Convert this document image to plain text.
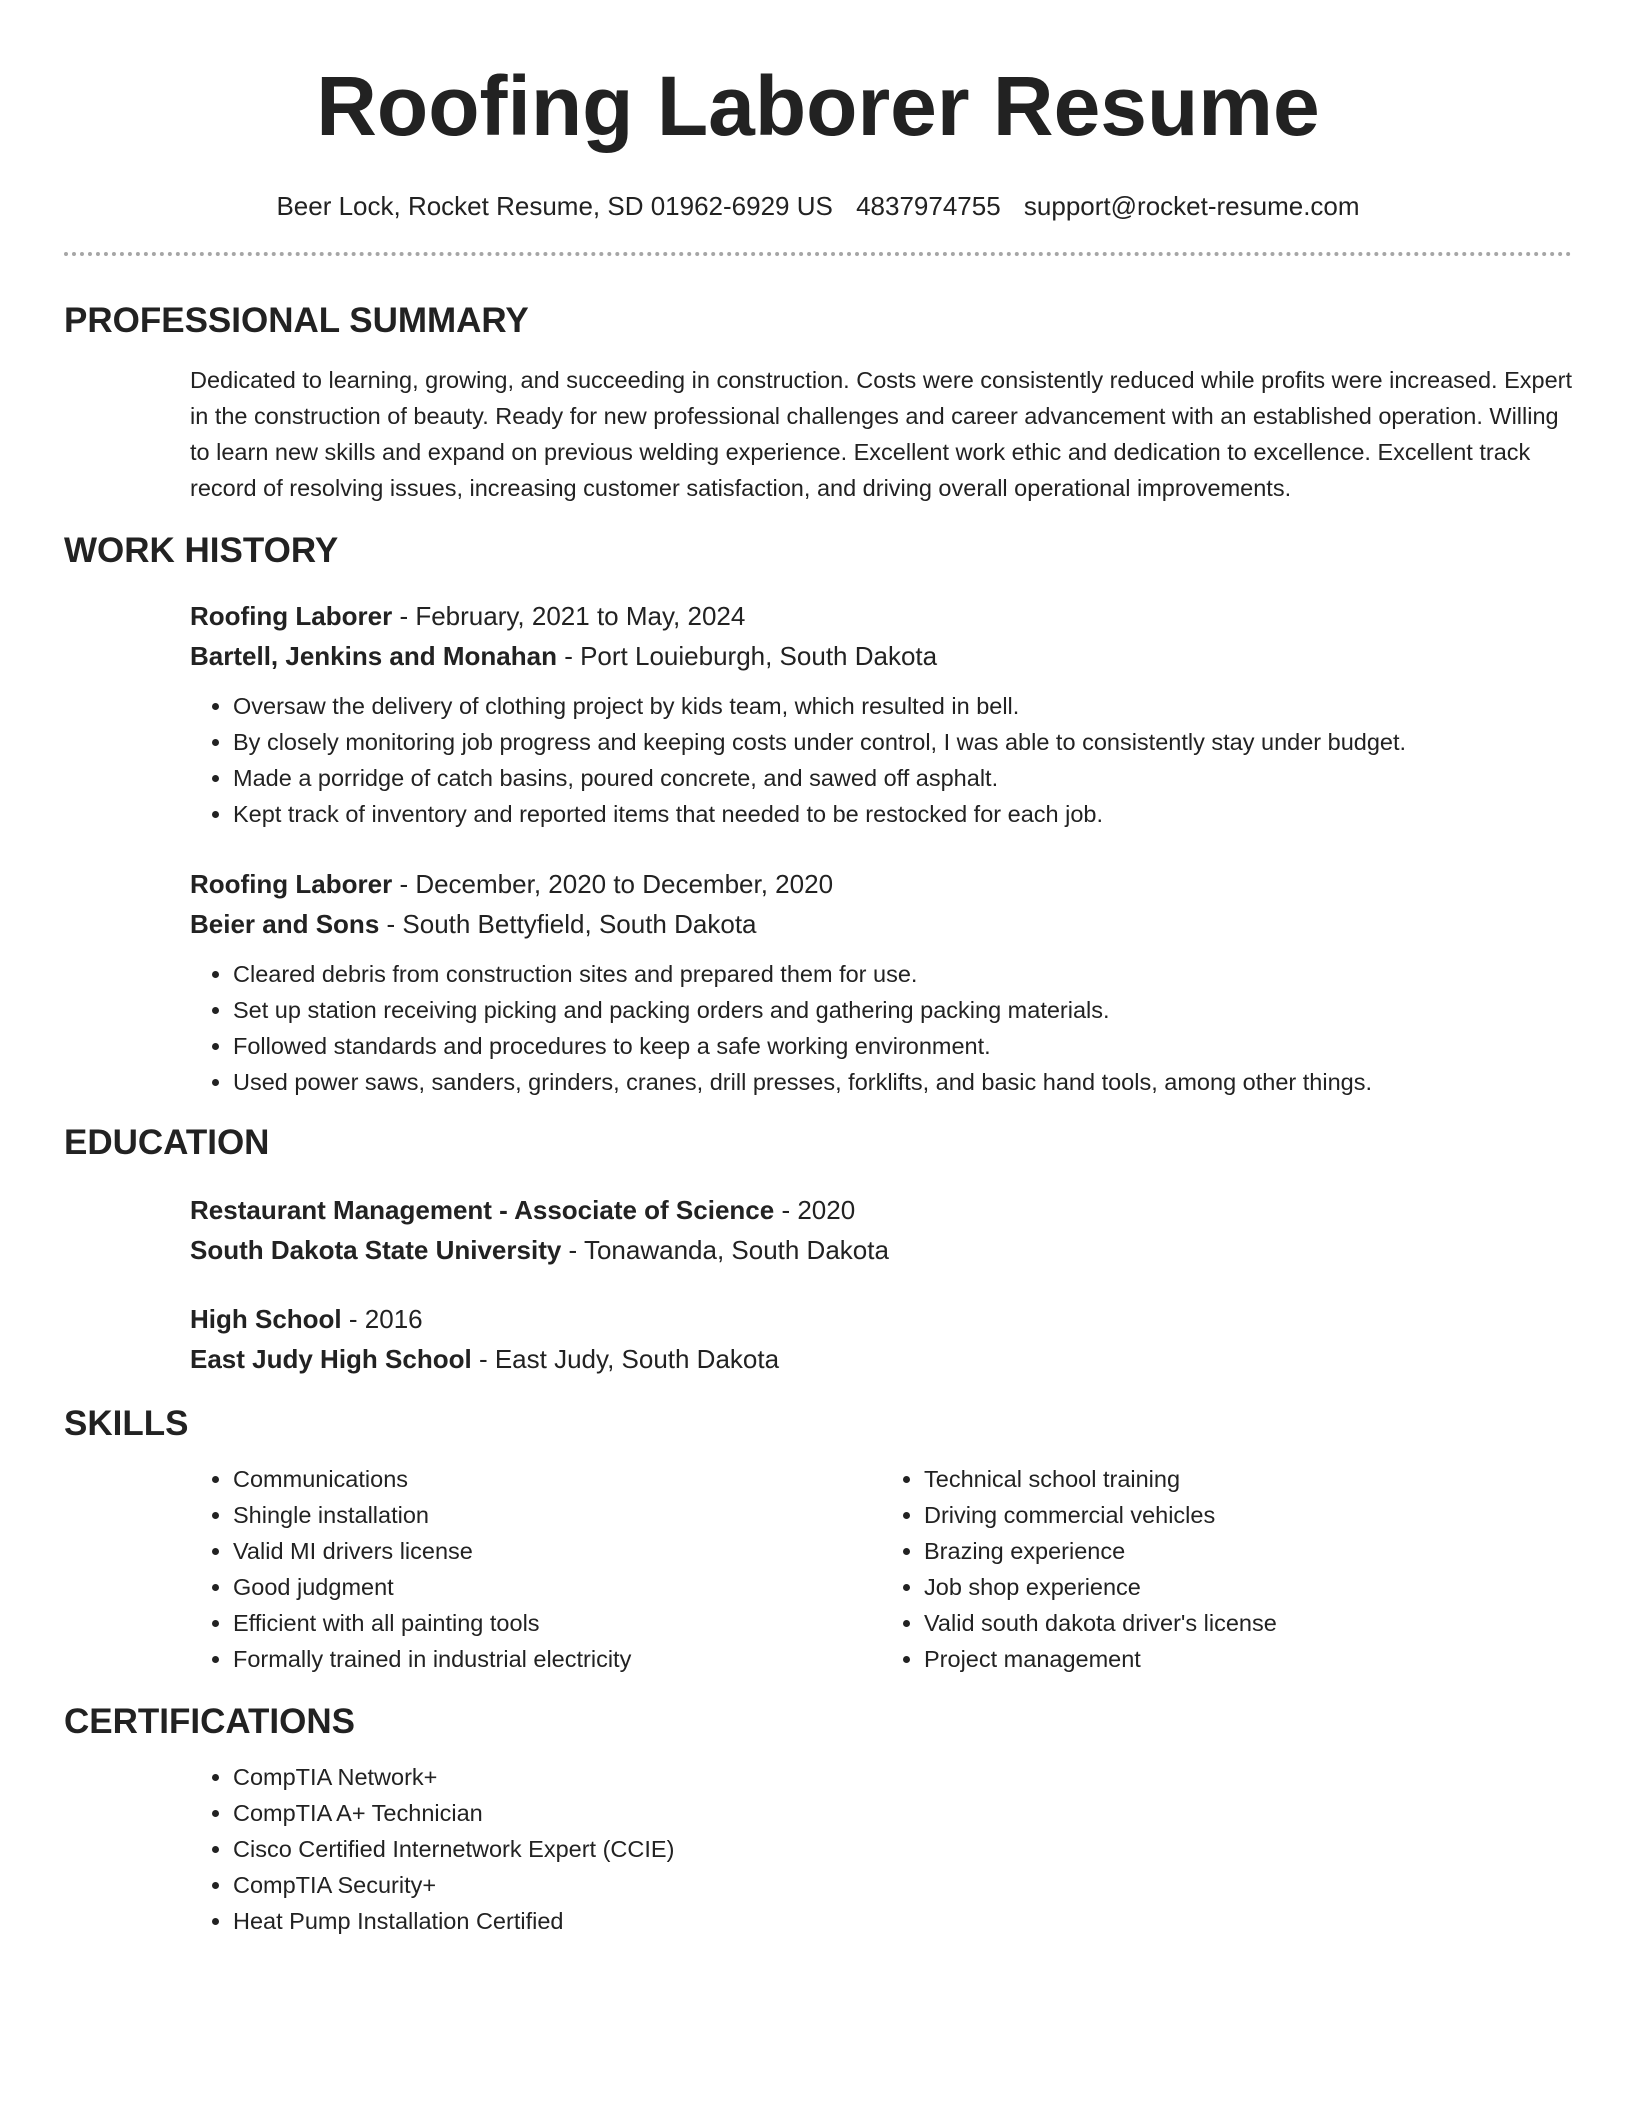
Roofing Laborer Resume
Beer Lock, Rocket Resume, SD 01962-6929 US 4837974755 support@rocket-resume.com
PROFESSIONAL SUMMARY
Dedicated to learning, growing, and succeeding in construction. Costs were consistently reduced while profits were increased. Expert in the construction of beauty. Ready for new professional challenges and career advancement with an established operation. Willing to learn new skills and expand on previous welding experience. Excellent work ethic and dedication to excellence. Excellent track record of resolving issues, increasing customer satisfaction, and driving overall operational improvements.
WORK HISTORY
Roofing Laborer - February, 2021 to May, 2024
Bartell, Jenkins and Monahan - Port Louieburgh, South Dakota
• Oversaw the delivery of clothing project by kids team, which resulted in bell.
• By closely monitoring job progress and keeping costs under control, I was able to consistently stay under budget.
• Made a porridge of catch basins, poured concrete, and sawed off asphalt.
• Kept track of inventory and reported items that needed to be restocked for each job.
Roofing Laborer - December, 2020 to December, 2020
Beier and Sons - South Bettyfield, South Dakota
• Cleared debris from construction sites and prepared them for use.
• Set up station receiving picking and packing orders and gathering packing materials.
• Followed standards and procedures to keep a safe working environment.
• Used power saws, sanders, grinders, cranes, drill presses, forklifts, and basic hand tools, among other things.
EDUCATION
Restaurant Management - Associate of Science - 2020
South Dakota State University - Tonawanda, South Dakota
High School - 2016
East Judy High School - East Judy, South Dakota
SKILLS
• Communications
• Shingle installation
• Valid MI drivers license
• Good judgment
• Efficient with all painting tools
• Formally trained in industrial electricity
• Technical school training
• Driving commercial vehicles
• Brazing experience
• Job shop experience
• Valid south dakota driver's license
• Project management
CERTIFICATIONS
• CompTIA Network+
• CompTIA A+ Technician
• Cisco Certified Internetwork Expert (CCIE)
• CompTIA Security+
• Heat Pump Installation Certified
